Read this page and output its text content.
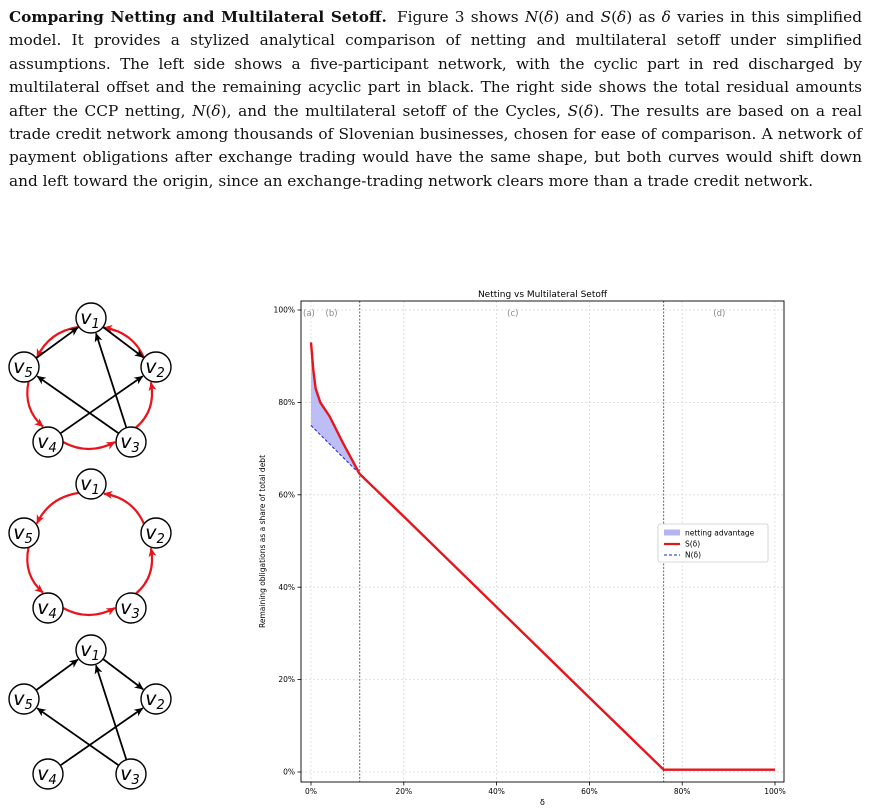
Comparing Netting and Multilateral Setoff. Figure 3 shows N(δ) and S(δ) as δ varies in this simplified model. It provides a stylized analytical comparison of netting and multilateral setoff under simplified assumptions. The left side shows a five-participant network, with the cyclic part in red discharged by multilateral offset and the remaining acyclic part in black. The right side shows the total residual amounts after the CCP netting, N(δ), and the multilateral setoff of the Cycles, S(δ). The results are based on a real trade credit network among thousands of Slovenian businesses, chosen for ease of comparison. A network of payment obligations after exchange trading would have the same shape, but both curves would shift down and left toward the origin, since an exchange-trading network clears more than a trade credit network.

$v_1$
$v_2$
$v_3$
$v_4$
$v_5$
$v_1$
$v_2$
$v_3$
$v_4$
$v_5$
$v_1$
$v_2$
$v_3$
$v_4$
$v_5$
0%	20%	40%	60%	80%	100%
0%
20%
40%
60%
80%
100%
Netting vs Multilateral Setoff
δ
Remaining obligations as a share of total debt
(a) (b)	(c)	(d)
netting advantage
S(δ)
N(δ)
